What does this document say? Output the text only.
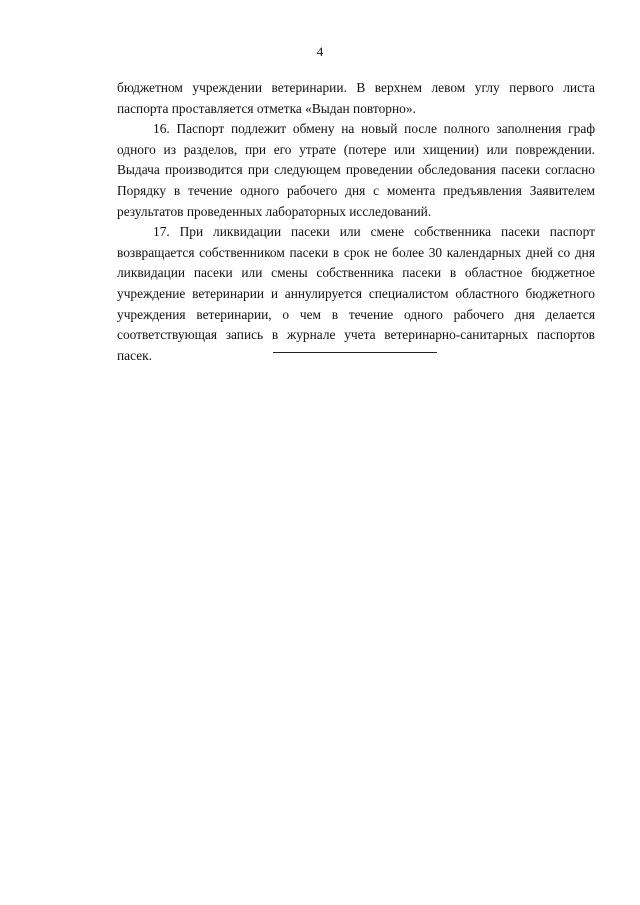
4

бюджетном учреждении ветеринарии. В верхнем левом углу первого листа паспорта проставляется отметка «Выдан повторно».

16. Паспорт подлежит обмену на новый после полного заполнения граф одного из разделов, при его утрате (потере или хищении) или повреждении. Выдача производится при следующем проведении обследования пасеки согласно Порядку в течение одного рабочего дня с момента предъявления Заявителем результатов проведенных лабораторных исследований.

17. При ликвидации пасеки или смене собственника пасеки паспорт возвращается собственником пасеки в срок не более 30 календарных дней со дня ликвидации пасеки или смены собственника пасеки в областное бюджетное учреждение ветеринарии и аннулируется специалистом областного бюджетного учреждения ветеринарии, о чем в течение одного рабочего дня делается соответствующая запись в журнале учета ветеринарно-санитарных паспортов пасек.
